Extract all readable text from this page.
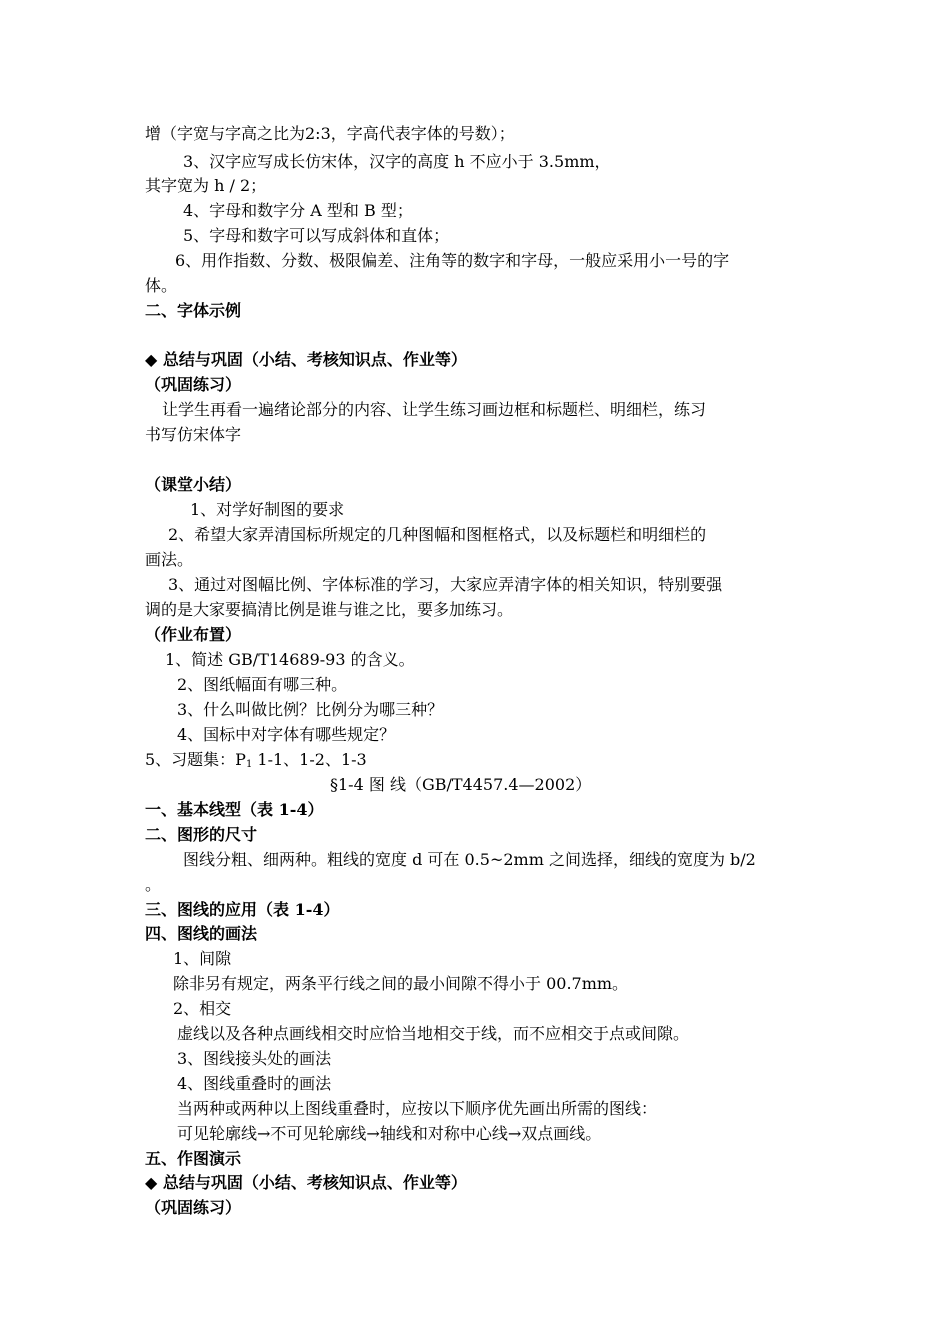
增（字宽与字高之比为2:3，字高代表字体的号数）；
3、汉字应写成长仿宋体，汉字的高度 h 不应小于 3.5mm，
其字宽为 h / 2；
4、字母和数字分 A 型和 B 型；
5、字母和数字可以写成斜体和直体；
6、用作指数、分数、极限偏差、注角等的数字和字母，一般应采用小一号的字
体。
二、字体示例
◆ 总结与巩固（小结、考核知识点、作业等）
（巩固练习）
让学生再看一遍绪论部分的内容、让学生练习画边框和标题栏、明细栏，练习
书写仿宋体字
（课堂小结）
1、对学好制图的要求
2、希望大家弄清国标所规定的几种图幅和图框格式，以及标题栏和明细栏的
画法。
3、通过对图幅比例、字体标准的学习，大家应弄清字体的相关知识，特别要强
调的是大家要搞清比例是谁与谁之比，要多加练习。
（作业布置）
1、简述 GB/T14689-93 的含义。
2、图纸幅面有哪三种。
3、什么叫做比例？比例分为哪三种？
4、国标中对字体有哪些规定？
5、习题集：$P_1$ 1-1、1-2、1-3
§1-4 图 线（GB/T4457.4—2002）
一、基本线型（表 1-4）
二、图形的尺寸
图线分粗、细两种。粗线的宽度 d 可在 0.5~2mm 之间选择，细线的宽度为 b/2
。
三、图线的应用（表 1-4）
四、图线的画法
1、间隙
除非另有规定，两条平行线之间的最小间隙不得小于 00.7mm。
2、相交
虚线以及各种点画线相交时应恰当地相交于线，而不应相交于点或间隙。
3、图线接头处的画法
4、图线重叠时的画法
当两种或两种以上图线重叠时，应按以下顺序优先画出所需的图线：
可见轮廓线→不可见轮廓线→轴线和对称中心线→双点画线。
五、作图演示
◆ 总结与巩固（小结、考核知识点、作业等）
（巩固练习）
